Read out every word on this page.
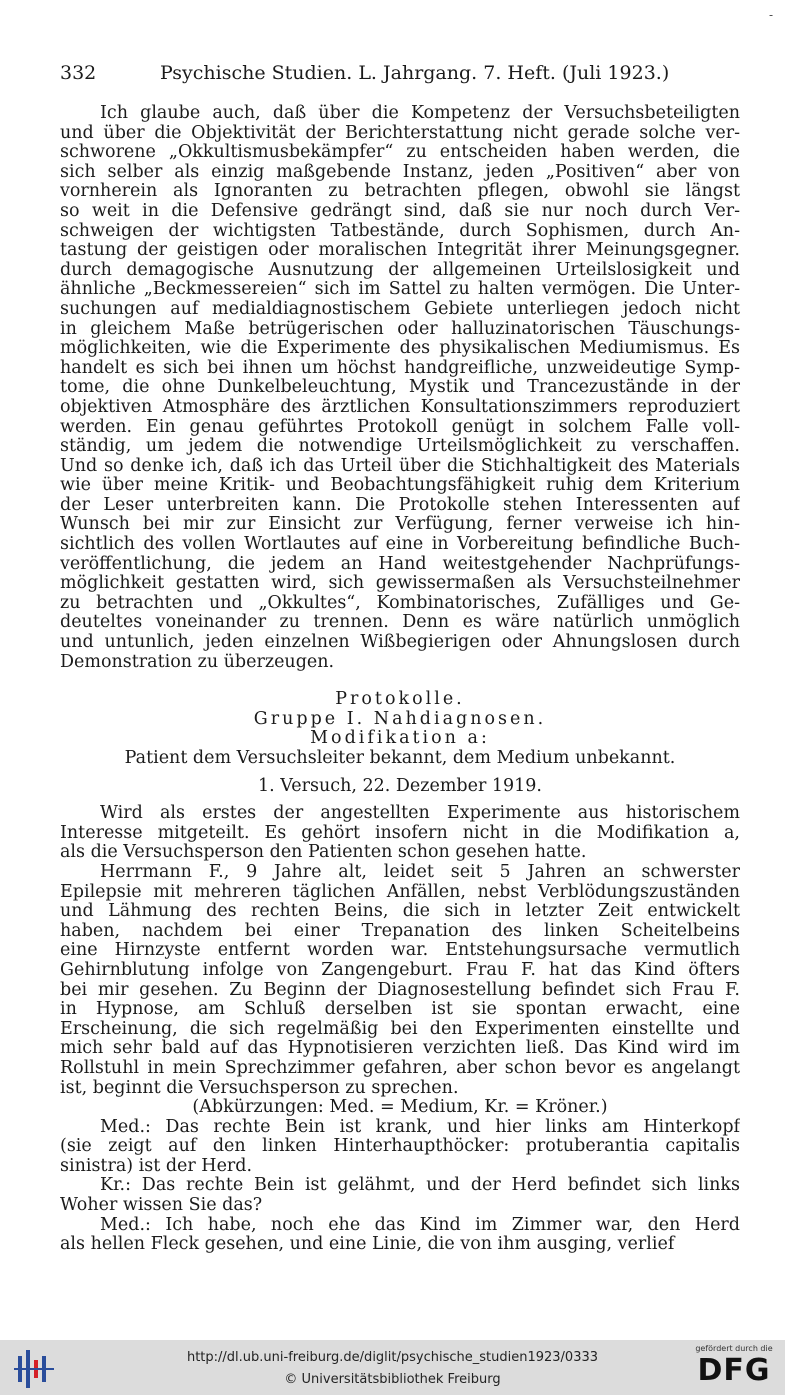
-
332	Psychische Studien. L. Jahrgang. 7. Heft. (Juli 1923.)
Ich glaube auch, daß über die Kompetenz der Versuchsbeteiligten
und über die Objektivität der Berichterstattung nicht gerade solche ver-
schworene „Okkultismusbekämpfer“ zu entscheiden haben werden, die
sich selber als einzig maßgebende Instanz, jeden „Positiven“ aber von
vornherein als Ignoranten zu betrachten pflegen, obwohl sie längst
so weit in die Defensive gedrängt sind, daß sie nur noch durch Ver-
schweigen der wichtigsten Tatbestände, durch Sophismen, durch An-
tastung der geistigen oder moralischen Integrität ihrer Meinungsgegner.
durch demagogische Ausnutzung der allgemeinen Urteilslosigkeit und
ähnliche „Beckmessereien“ sich im Sattel zu halten vermögen. Die Unter-
suchungen auf medialdiagnostischem Gebiete unterliegen jedoch nicht
in gleichem Maße betrügerischen oder halluzinatorischen Täuschungs-
möglichkeiten, wie die Experimente des physikalischen Mediumismus. Es
handelt es sich bei ihnen um höchst handgreifliche, unzweideutige Symp-
tome, die ohne Dunkelbeleuchtung, Mystik und Trancezustände in der
objektiven Atmosphäre des ärztlichen Konsultationszimmers reproduziert
werden. Ein genau geführtes Protokoll genügt in solchem Falle voll-
ständig, um jedem die notwendige Urteilsmöglichkeit zu verschaffen.
Und so denke ich, daß ich das Urteil über die Stichhaltigkeit des Materials
wie über meine Kritik- und Beobachtungsfähigkeit ruhig dem Kriterium
der Leser unterbreiten kann. Die Protokolle stehen Interessenten auf
Wunsch bei mir zur Einsicht zur Verfügung, ferner verweise ich hin-
sichtlich des vollen Wortlautes auf eine in Vorbereitung befindliche Buch-
veröffentlichung, die jedem an Hand weitestgehender Nachprüfungs-
möglichkeit gestatten wird, sich gewissermaßen als Versuchsteilnehmer
zu betrachten und „Okkultes“, Kombinatorisches, Zufälliges und Ge-
deuteltes voneinander zu trennen. Denn es wäre natürlich unmöglich
und untunlich, jeden einzelnen Wißbegierigen oder Ahnungslosen durch
Demonstration zu überzeugen.
Protokolle.
Gruppe I. Nahdiagnosen.
Modifikation a:
Patient dem Versuchsleiter bekannt, dem Medium unbekannt.
1. Versuch, 22. Dezember 1919.
Wird als erstes der angestellten Experimente aus historischem
Interesse mitgeteilt. Es gehört insofern nicht in die Modifikation a,
als die Versuchsperson den Patienten schon gesehen hatte.
Herrmann F., 9 Jahre alt, leidet seit 5 Jahren an schwerster
Epilepsie mit mehreren täglichen Anfällen, nebst Verblödungszuständen
und Lähmung des rechten Beins, die sich in letzter Zeit entwickelt
haben, nachdem bei einer Trepanation des linken Scheitelbeins
eine Hirnzyste entfernt worden war. Entstehungsursache vermutlich
Gehirnblutung infolge von Zangengeburt. Frau F. hat das Kind öfters
bei mir gesehen. Zu Beginn der Diagnosestellung befindet sich Frau F.
in Hypnose, am Schluß derselben ist sie spontan erwacht, eine
Erscheinung, die sich regelmäßig bei den Experimenten einstellte und
mich sehr bald auf das Hypnotisieren verzichten ließ. Das Kind wird im
Rollstuhl in mein Sprechzimmer gefahren, aber schon bevor es angelangt
ist, beginnt die Versuchsperson zu sprechen.
(Abkürzungen: Med. = Medium, Kr. = Kröner.)
Med.: Das rechte Bein ist krank, und hier links am Hinterkopf
(sie zeigt auf den linken Hinterhaupthöcker: protuberantia capitalis
sinistra) ist der Herd.
Kr.: Das rechte Bein ist gelähmt, und der Herd befindet sich links
Woher wissen Sie das?
Med.: Ich habe, noch ehe das Kind im Zimmer war, den Herd
als hellen Fleck gesehen, und eine Linie, die von ihm ausging, verlief
http://dl.ub.uni-freiburg.de/diglit/psychische_studien1923/0333
© Universitätsbibliothek Freiburg
gefördert durch die
DFG
